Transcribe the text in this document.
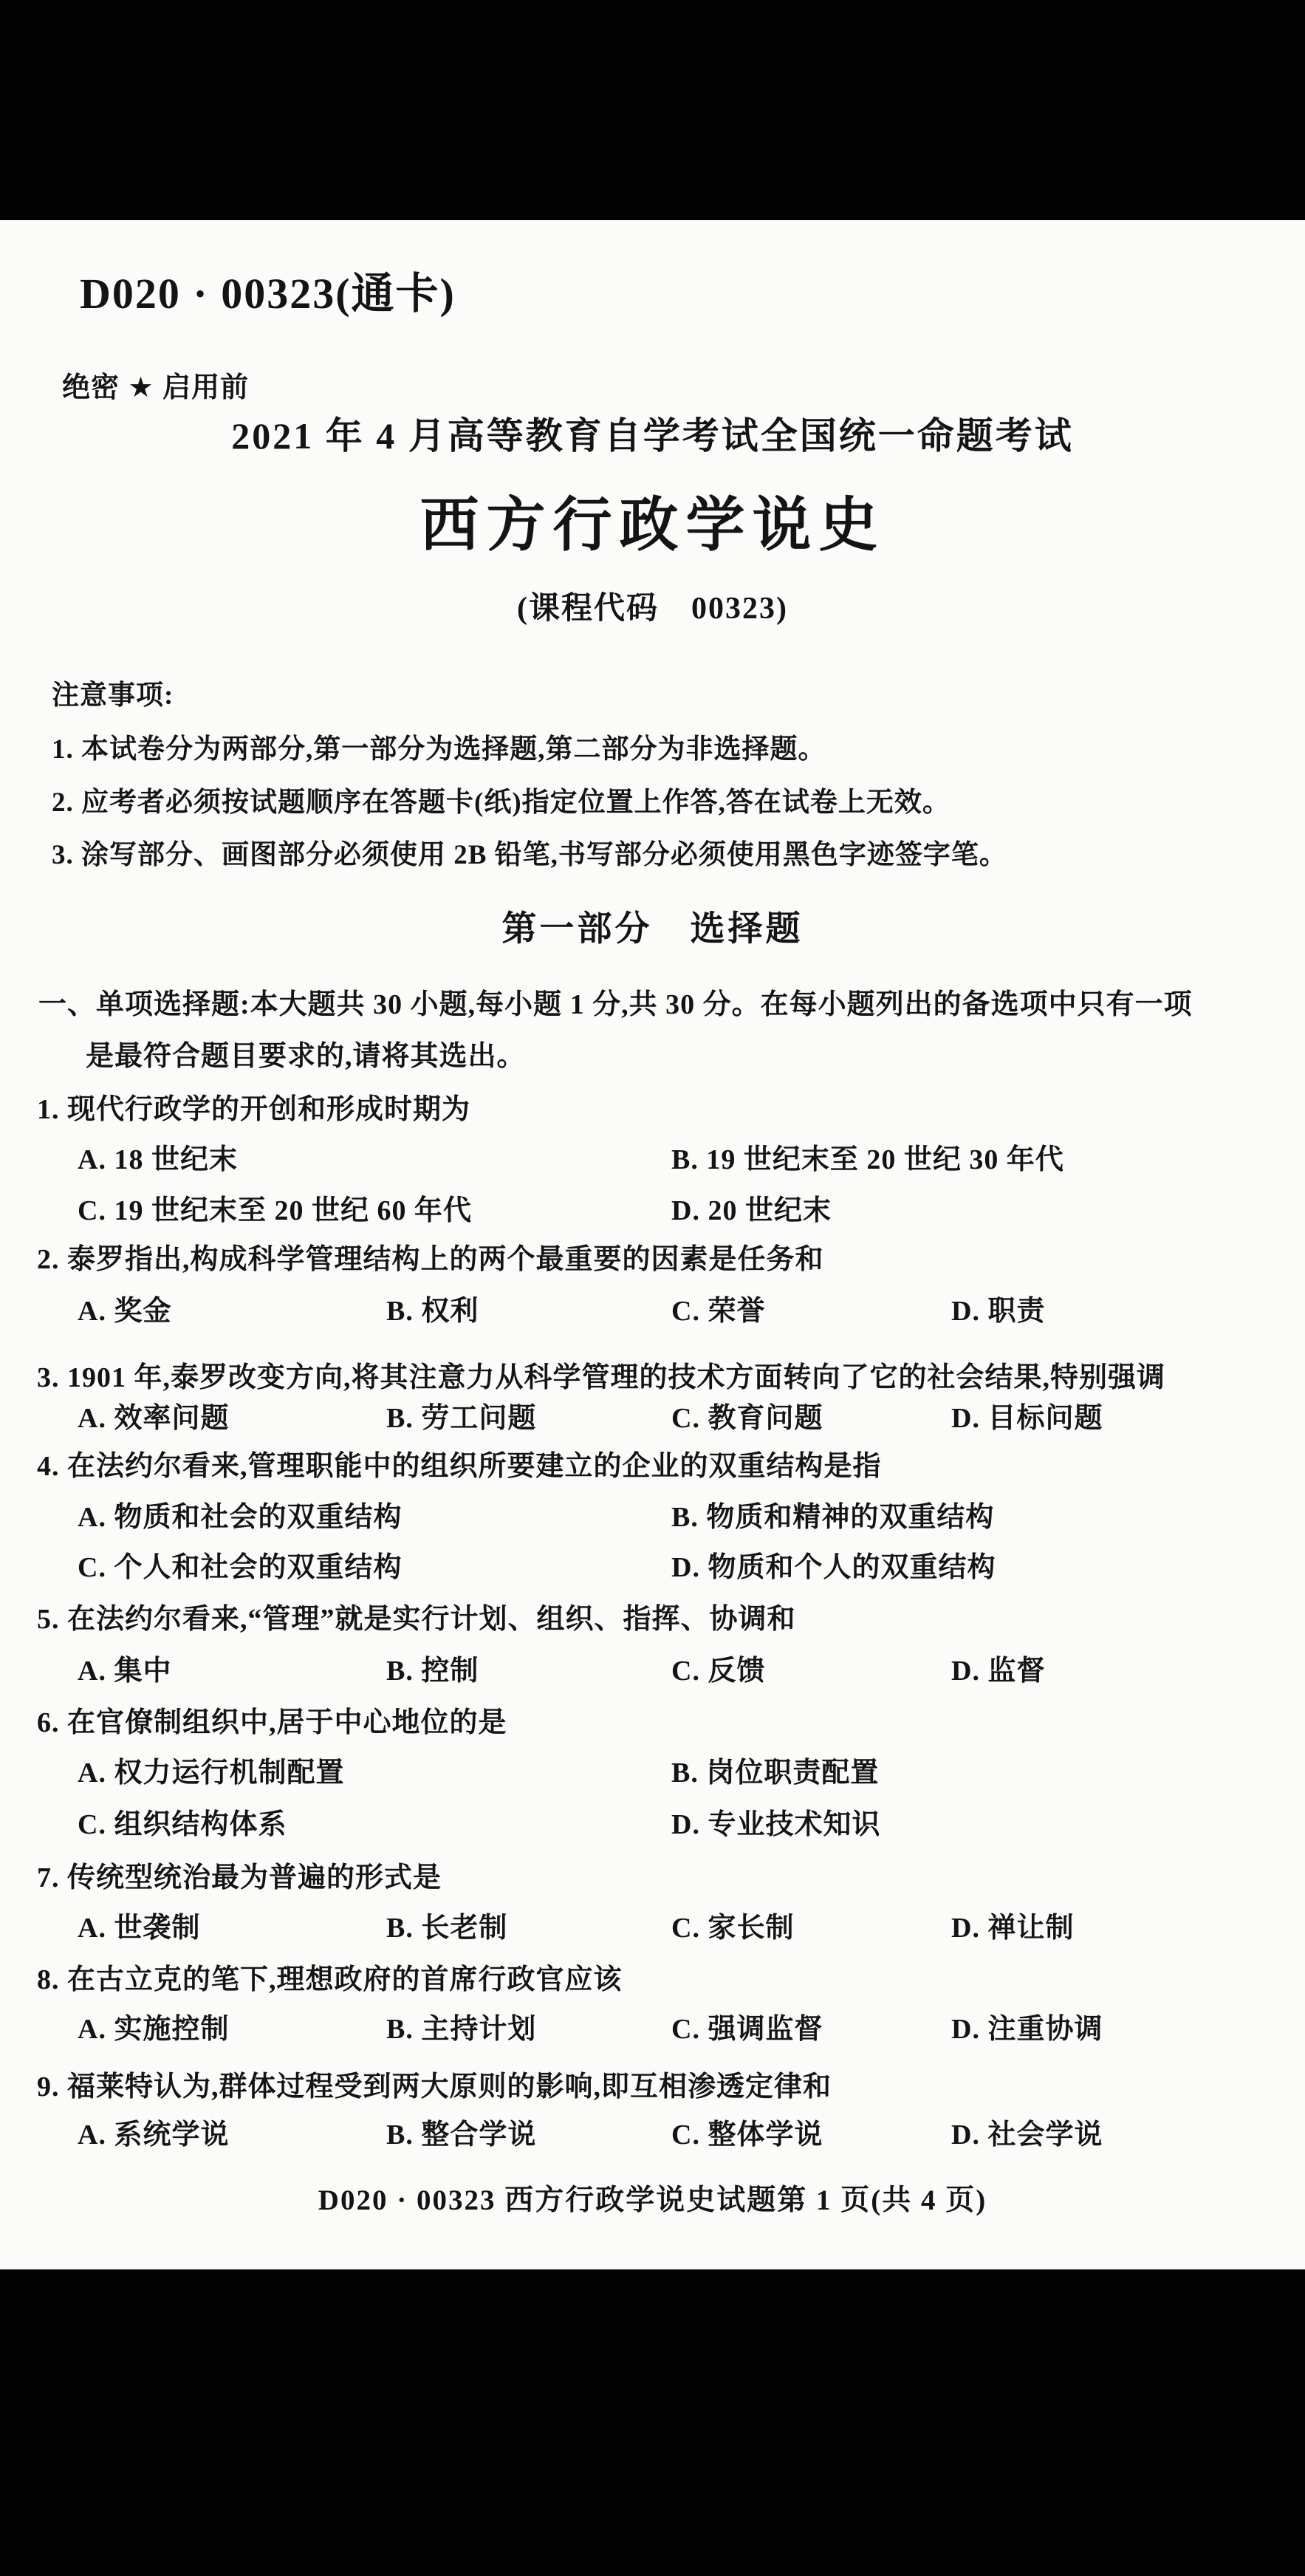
D020 · 00323(通卡)
绝密 ★ 启用前
2021 年 4 月高等教育自学考试全国统一命题考试
西方行政学说史
(课程代码　00323)
注意事项:
1. 本试卷分为两部分,第一部分为选择题,第二部分为非选择题。
2. 应考者必须按试题顺序在答题卡(纸)指定位置上作答,答在试卷上无效。
3. 涂写部分、画图部分必须使用 2B 铅笔,书写部分必须使用黑色字迹签字笔。
第一部分　选择题
一、单项选择题:本大题共 30 小题,每小题 1 分,共 30 分。在每小题列出的备选项中只有一项
是最符合题目要求的,请将其选出。
1. 现代行政学的开创和形成时期为
A. 18 世纪末	B. 19 世纪末至 20 世纪 30 年代
C. 19 世纪末至 20 世纪 60 年代	D. 20 世纪末
2. 泰罗指出,构成科学管理结构上的两个最重要的因素是任务和
A. 奖金	B. 权利	C. 荣誉	D. 职责
3. 1901 年,泰罗改变方向,将其注意力从科学管理的技术方面转向了它的社会结果,特别强调
A. 效率问题	B. 劳工问题	C. 教育问题	D. 目标问题
4. 在法约尔看来,管理职能中的组织所要建立的企业的双重结构是指
A. 物质和社会的双重结构	B. 物质和精神的双重结构
C. 个人和社会的双重结构	D. 物质和个人的双重结构
5. 在法约尔看来,“管理”就是实行计划、组织、指挥、协调和
A. 集中	B. 控制	C. 反馈	D. 监督
6. 在官僚制组织中,居于中心地位的是
A. 权力运行机制配置	B. 岗位职责配置
C. 组织结构体系	D. 专业技术知识
7. 传统型统治最为普遍的形式是
A. 世袭制	B. 长老制	C. 家长制	D. 禅让制
8. 在古立克的笔下,理想政府的首席行政官应该
A. 实施控制	B. 主持计划	C. 强调监督	D. 注重协调
9. 福莱特认为,群体过程受到两大原则的影响,即互相渗透定律和
A. 系统学说	B. 整合学说	C. 整体学说	D. 社会学说
D020 · 00323 西方行政学说史试题第 1 页(共 4 页)
